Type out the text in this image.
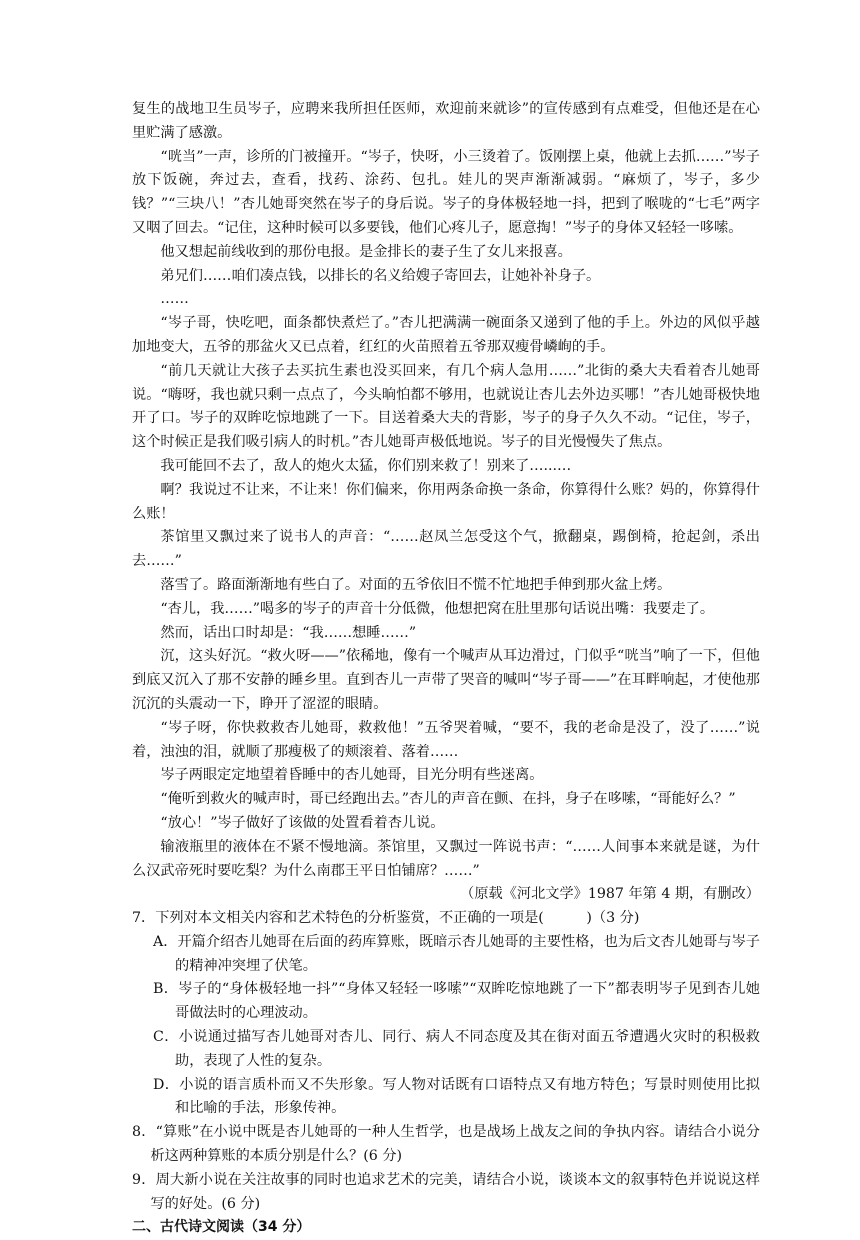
复生的战地卫生员岑子，应聘来我所担任医师，欢迎前来就诊”的宣传感到有点难受，但他还是在心里贮满了感激。

“咣当”一声，诊所的门被撞开。“岑子，快呀，小三烫着了。饭刚摆上桌，他就上去抓……”岑子放下饭碗，奔过去，查看，找药、涂药、包扎。娃儿的哭声渐渐减弱。“麻烦了，岑子，多少钱？”“三块八！”杏儿她哥突然在岑子的身后说。岑子的身体极轻地一抖，把到了喉咙的“七毛”两字又咽了回去。“记住，这种时候可以多要钱，他们心疼儿子，愿意掏！”岑子的身体又轻轻一哆嗦。

他又想起前线收到的那份电报。是金排长的妻子生了女儿来报喜。

弟兄们……咱们凑点钱，以排长的名义给嫂子寄回去，让她补补身子。

……

“岑子哥，快吃吧，面条都快煮烂了。”杏儿把满满一碗面条又递到了他的手上。外边的风似乎越加地变大，五爷的那盆火又已点着，红红的火苗照着五爷那双瘦骨嶙峋的手。

“前几天就让大孩子去买抗生素也没买回来，有几个病人急用……”北街的桑大夫看着杏儿她哥说。“嗨呀，我也就只剩一点点了，今头晌怕都不够用，也就说让杏儿去外边买哪！”杏儿她哥极快地开了口。岑子的双眸吃惊地跳了一下。目送着桑大夫的背影，岑子的身子久久不动。“记住，岑子，这个时候正是我们吸引病人的时机。”杏儿她哥声极低地说。岑子的目光慢慢失了焦点。

我可能回不去了，敌人的炮火太猛，你们别来救了！别来了…...…

啊？我说过不让来，不让来！你们偏来，你用两条命换一条命，你算得什么账？妈的，你算得什么账！

茶馆里又飘过来了说书人的声音：“……赵凤兰怎受这个气，掀翻桌，踢倒椅，抢起剑，杀出去……”

落雪了。路面渐渐地有些白了。对面的五爷依旧不慌不忙地把手伸到那火盆上烤。

“杏儿，我……”喝多的岑子的声音十分低微，他想把窝在肚里那句话说出嘴：我要走了。

然而，话出口时却是：“我……想睡……”

沉，这头好沉。“救火呀——”依稀地，像有一个喊声从耳边滑过，门似乎“咣当”响了一下，但他到底又沉入了那不安静的睡乡里。直到杏儿一声带了哭音的喊叫“岑子哥——”在耳畔响起，才使他那沉沉的头震动一下，睁开了涩涩的眼睛。

“岑子呀，你快救救杏儿她哥，救救他！”五爷哭着喊，“要不，我的老命是没了，没了……”说着，浊浊的泪，就顺了那瘦极了的颊滚着、落着……

岑子两眼定定地望着昏睡中的杏儿她哥，目光分明有些迷离。

“俺听到救火的喊声时，哥已经跑出去。”杏儿的声音在颤、在抖，身子在哆嗦，“哥能好么？”

“放心！”岑子做好了该做的处置看着杏儿说。

输液瓶里的液体在不紧不慢地滴。茶馆里，又飘过一阵说书声：“……人间事本来就是谜，为什么汉武帝死时要吃梨？为什么南郡王平日怕铺席？……”

（原载《河北文学》1987 年第 4 期，有删改）

7．下列对本文相关内容和艺术特色的分析鉴赏，不正确的一项是(　　　)（3 分)
A．开篇介绍杏儿她哥在后面的药库算账，既暗示杏儿她哥的主要性格，也为后文杏儿她哥与岑子的精神冲突埋了伏笔。
B．岑子的“身体极轻地一抖”“身体又轻轻一哆嗦”“双眸吃惊地跳了一下”都表明岑子见到杏儿她哥做法时的心理波动。
C．小说通过描写杏儿她哥对杏儿、同行、病人不同态度及其在街对面五爷遭遇火灾时的积极救助，表现了人性的复杂。
D．小说的语言质朴而又不失形象。写人物对话既有口语特点又有地方特色；写景时则使用比拟和比喻的手法，形象传神。
8．“算账”在小说中既是杏儿她哥的一种人生哲学，也是战场上战友之间的争执内容。请结合小说分析这两种算账的本质分别是什么？(6 分)
9．周大新小说在关注故事的同时也追求艺术的完美，请结合小说，谈谈本文的叙事特色并说说这样写的好处。(6 分)

二、古代诗文阅读（34 分）
